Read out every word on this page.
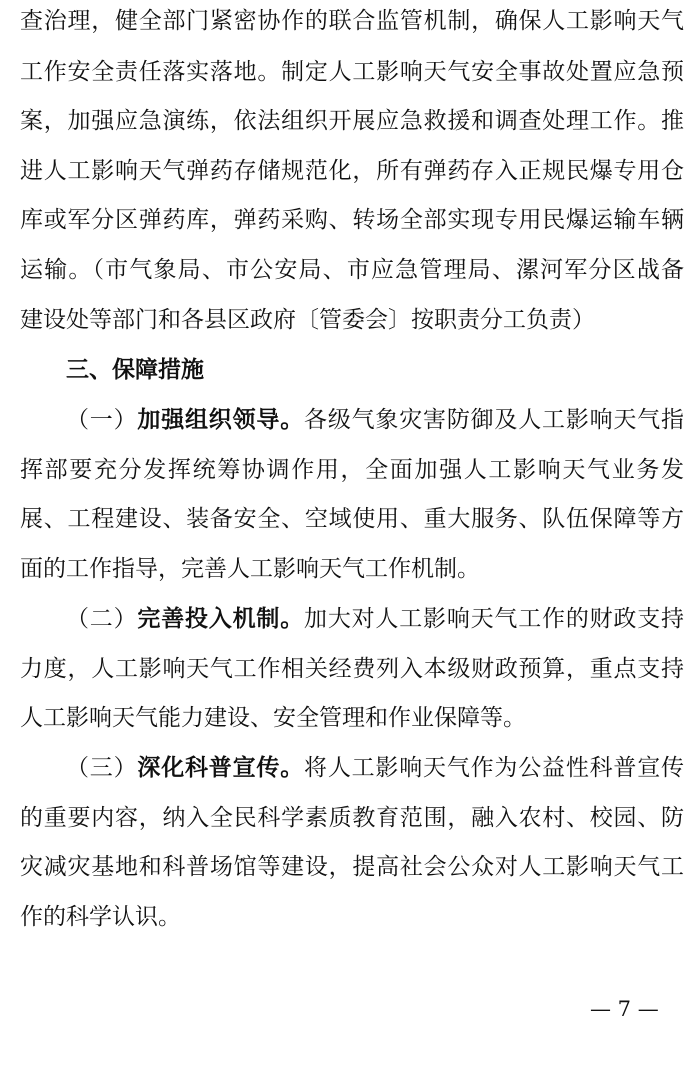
查治理，健全部门紧密协作的联合监管机制，确保人工影响天气
工作安全责任落实落地。制定人工影响天气安全事故处置应急预
案，加强应急演练，依法组织开展应急救援和调查处理工作。推
进人工影响天气弹药存储规范化，所有弹药存入正规民爆专用仓
库或军分区弹药库，弹药采购、转场全部实现专用民爆运输车辆
运输。（市气象局、市公安局、市应急管理局、漯河军分区战备
建设处等部门和各县区政府〔管委会〕按职责分工负责）
三、保障措施
（一）加强组织领导。各级气象灾害防御及人工影响天气指
挥部要充分发挥统筹协调作用，全面加强人工影响天气业务发
展、工程建设、装备安全、空域使用、重大服务、队伍保障等方
面的工作指导，完善人工影响天气工作机制。
（二）完善投入机制。加大对人工影响天气工作的财政支持
力度，人工影响天气工作相关经费列入本级财政预算，重点支持
人工影响天气能力建设、安全管理和作业保障等。
（三）深化科普宣传。将人工影响天气作为公益性科普宣传
的重要内容，纳入全民科学素质教育范围，融入农村、校园、防
灾减灾基地和科普场馆等建设，提高社会公众对人工影响天气工
作的科学认识。
— 7 —
